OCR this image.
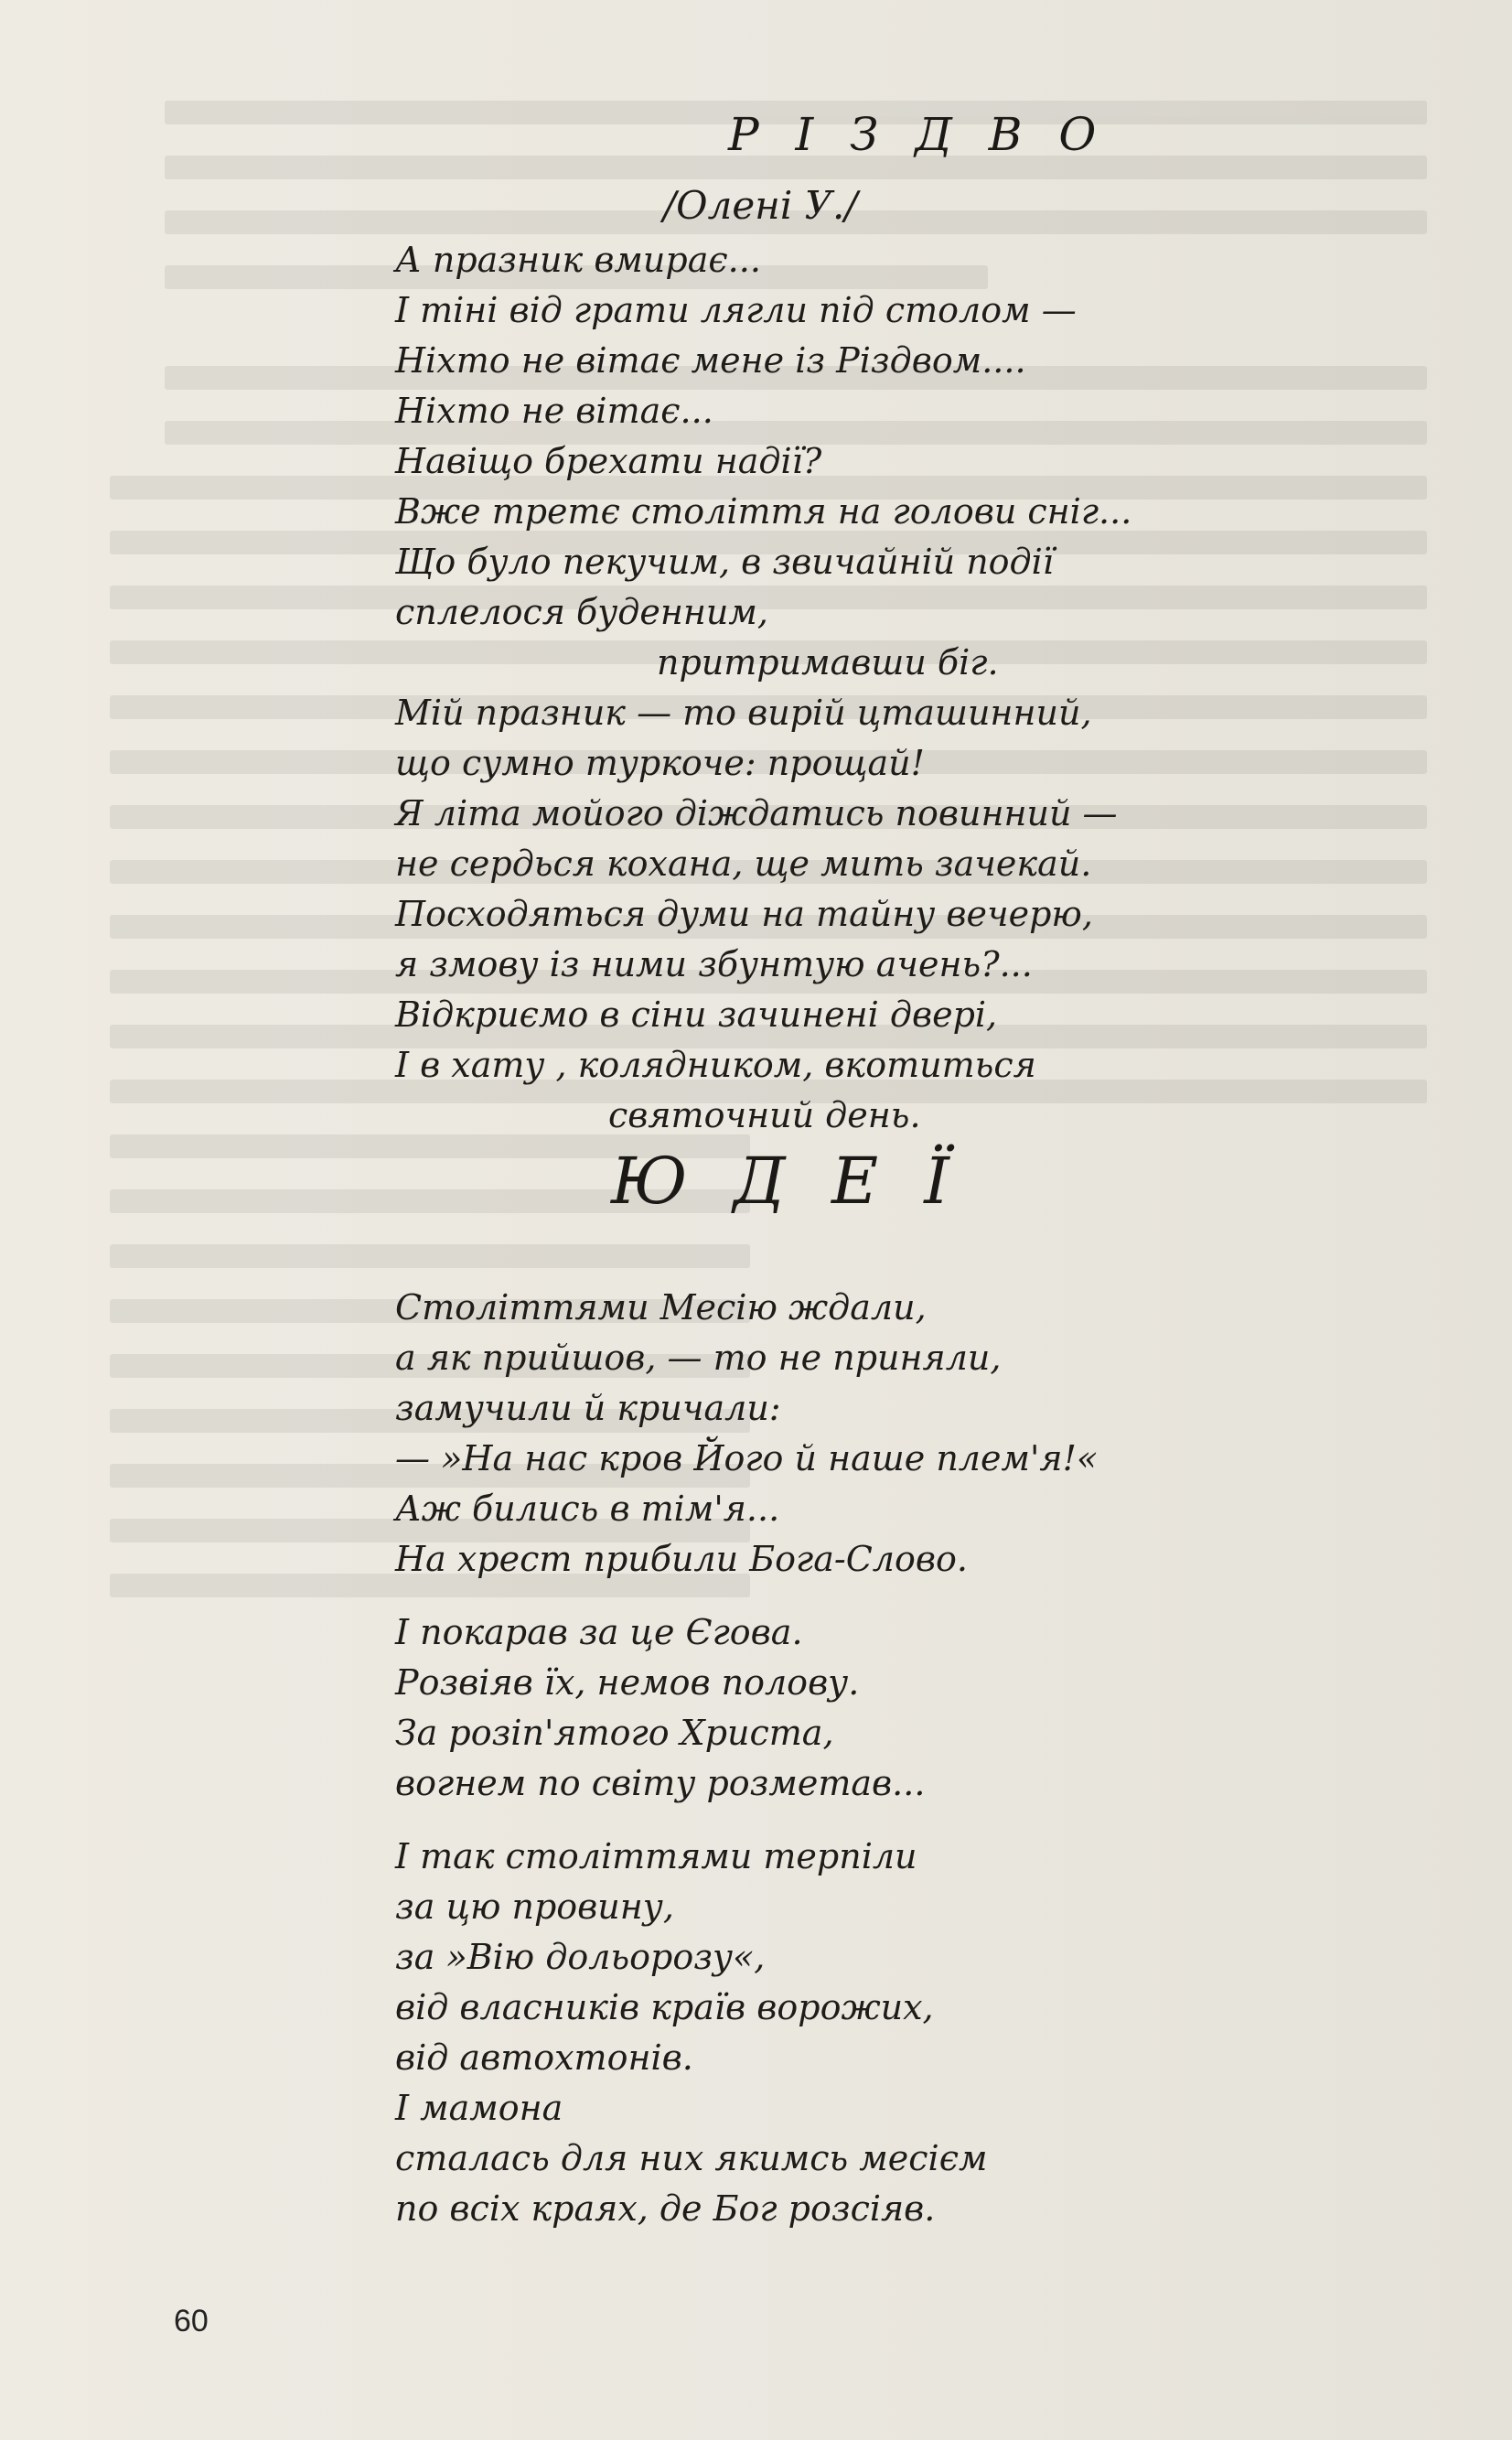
Р І З Д В О
/Олені У./
А празник вмирає...
І тіні від грати лягли під столом —
Ніхто не вітає мене із Різдвом....
Ніхто не вітає...
Навіщо брехати надії?
Вже третє століття на голови сніг...
Що було пекучим, в звичайній події
сплелося буденним,
притримавши біг.
Мій празник — то вирій цташинний,
що сумно туркоче: прощай!
Я літа мойого діждатись повинний —
не сердься кохана, ще мить зачекай.
Посходяться думи на тайну вечерю,
я змову із ними збунтую ачень?...
Відкриємо в сіни зачинені двері,
І в хату , колядником, вкотиться
святочний день.
Ю Д Е Ї
Століттями Месію ждали,
а як прийшов, — то не приняли,
замучили й кричали:
— »На нас кров Його й наше плем'я!«
Аж бились в тім'я...
На хрест прибили Бога-Слово.
І покарав за це Єгова.
Розвіяв їх, немов полову.
За розіп'ятого Христа,
вогнем по світу розметав...
І так століттями терпіли
за цю провину,
за »Вію дольорозу«,
від власників країв ворожих,
від автохтонів.
І мамона
сталась для них якимсь месієм
по всіх краях, де Бог розсіяв.
60
